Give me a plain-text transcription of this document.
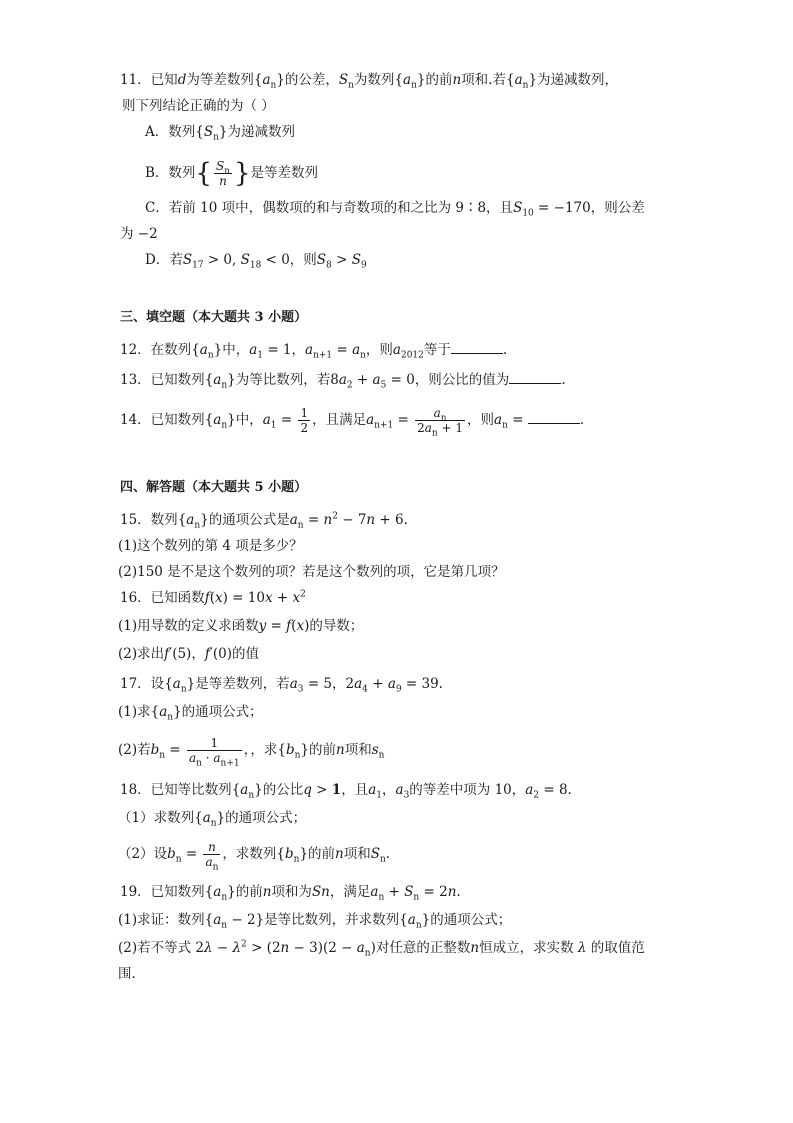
11．已知d为等差数列$\{a_n\}$的公差，$S_n$为数列$\{a_n\}$的前n项和.若$\{a_n\}$为递减数列，
则下列结论正确的为（ ）
A．数列$\{S_n\}$为递减数列
B．数列{ $\frac{S_n}{n}$ }是等差数列
C．若前 10 项中，偶数项的和与奇数项的和之比为 9∶8，且$S_{10} = -170$，则公差
为 −2
D．若$S_{17} > 0$, $S_{18} < 0$，则$S_8 > S_9$
三、填空题（本大题共 3 小题）
12．在数列$\{a_n\}$中，$a_1 = 1$，$a_{n+1} = a_n$，则$a_{2012}$等于	.
13．已知数列$\{a_n\}$为等比数列，若$8a_2 + a_5 = 0$，则公比的值为	.
14．已知数列$\{a_n\}$中，$a_1 = \frac{1}{2}$ ，且满足$a_{n+1} = \frac{a_n}{2a_n + 1}$ ，则$a_n$ =	.
四、解答题（本大题共 5 小题）
15．数列$\{a_n\}$的通项公式是$a_n = n^2 - 7n + 6$.
(1)这个数列的第 4 项是多少？
(2)150 是不是这个数列的项？若是这个数列的项，它是第几项？
16．已知函数$f(x) = 10x + x^2$
(1)用导数的定义求函数y = f(x)的导数；
(2)求出f′(5)，f′(0)的值
17．设$\{a_n\}$是等差数列，若$a_3 = 5$，$2a_4 + a_9 = 39$.
(1)求$\{a_n\}$的通项公式；
(2)若$b_n = \frac{1}{a_n \cdot a_{n+1}}$ ，，求$\{b_n\}$的前n项和$s_n$
18．已知等比数列$\{a_n\}$的公比q > 1，且$a_1$，$a_3$的等差中项为 10，$a_2 = 8$.
（1）求数列$\{a_n\}$的通项公式；
（2）设$b_n = \frac{n}{a_n}$ ，求数列$\{b_n\}$的前n项和$S_n$.
19．已知数列$\{a_n\}$的前n项和为Sn，满足$a_n + S_n = 2n$.
(1)求证：数列$\{a_n - 2\}$是等比数列，并求数列$\{a_n\}$的通项公式；
(2)若不等式 $2\lambda - \lambda^2 > (2n - 3)(2 - a_n)$对任意的正整数n恒成立，求实数 λ 的取值范
围.
